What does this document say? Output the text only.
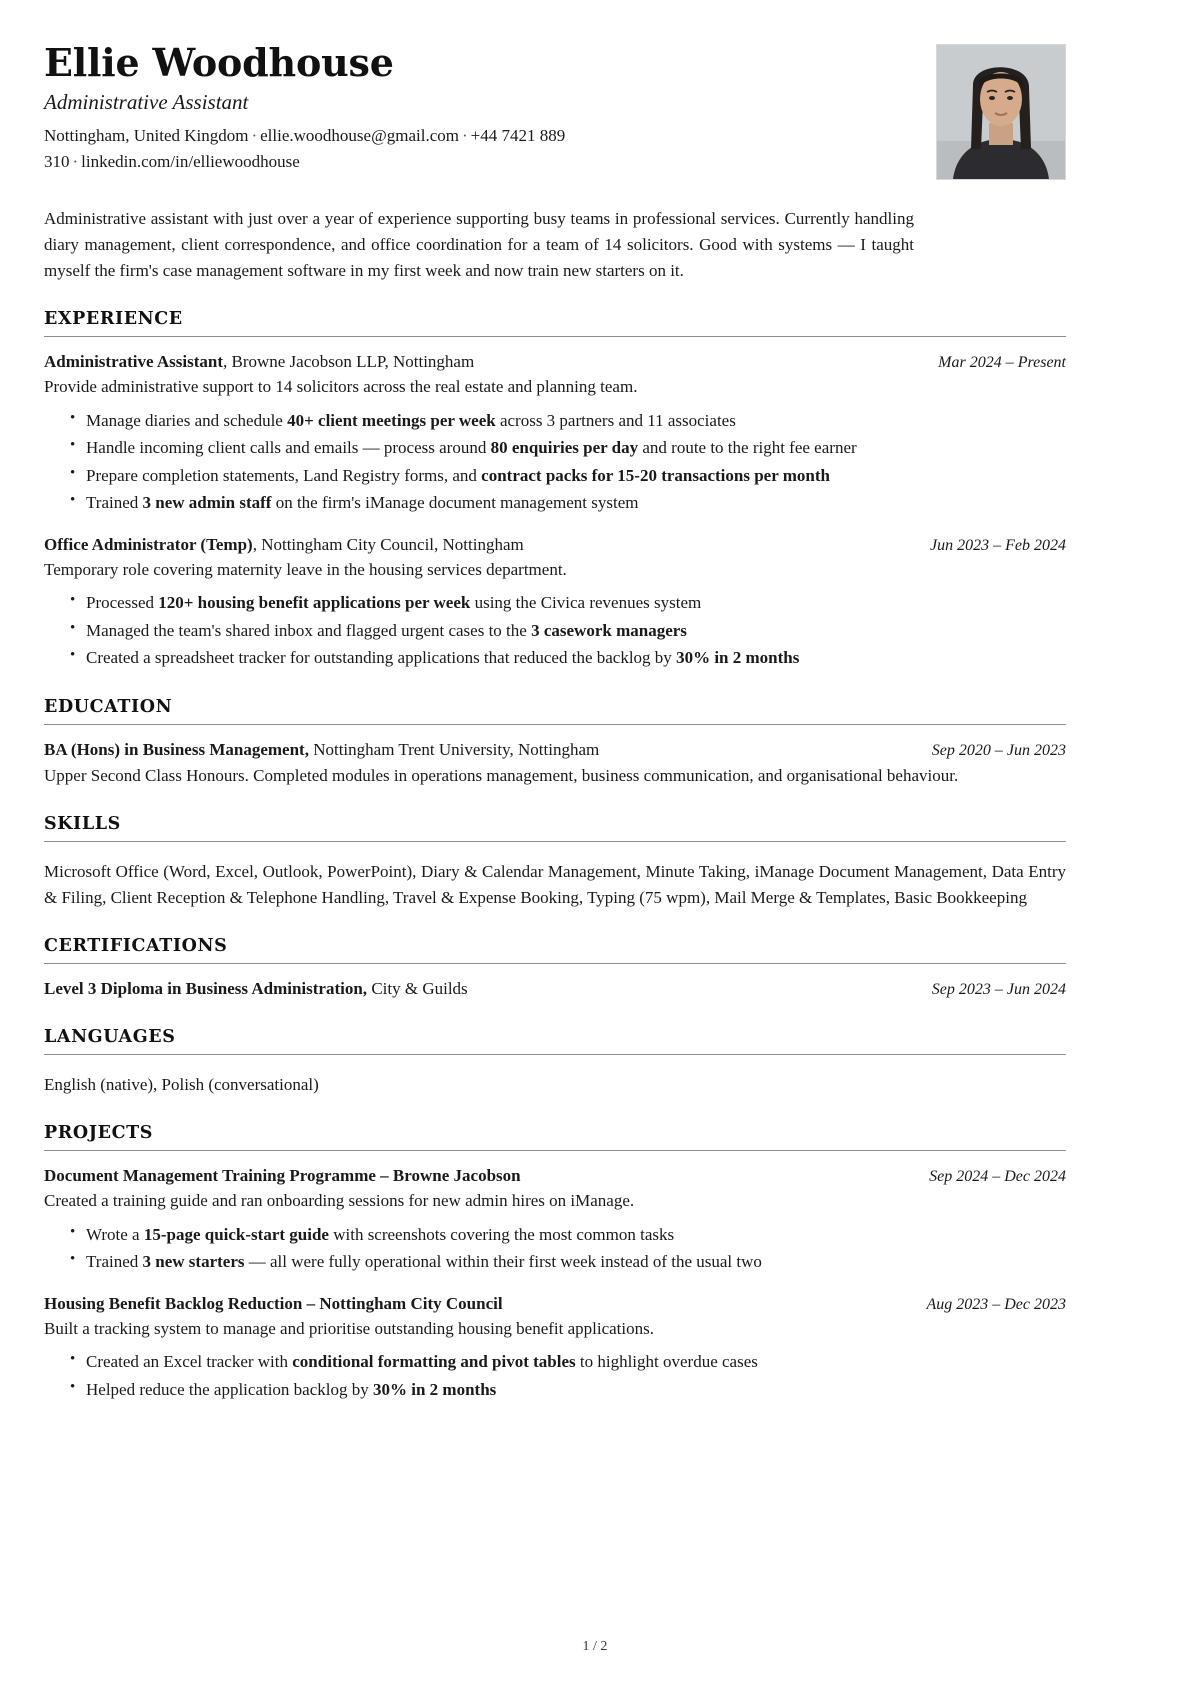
Ellie Woodhouse
Administrative Assistant
Nottingham, United Kingdom · ellie.woodhouse@gmail.com · +44 7421 889 310 · linkedin.com/in/elliewoodhouse

Administrative assistant with just over a year of experience supporting busy teams in professional services. Currently handling diary management, client correspondence, and office coordination for a team of 14 solicitors. Good with systems — I taught myself the firm's case management software in my first week and now train new starters on it.

EXPERIENCE
Administrative Assistant, Browne Jacobson LLP, Nottingham	Mar 2024 – Present

Provide administrative support to 14 solicitors across the real estate and planning team.

• Manage diaries and schedule 40+ client meetings per week across 3 partners and 11 associates
• Handle incoming client calls and emails — process around 80 enquiries per day and route to the right fee earner
• Prepare completion statements, Land Registry forms, and contract packs for 15-20 transactions per month
• Trained 3 new admin staff on the firm's iManage document management system
Office Administrator (Temp), Nottingham City Council, Nottingham	Jun 2023 – Feb 2024

Temporary role covering maternity leave in the housing services department.

• Processed 120+ housing benefit applications per week using the Civica revenues system
• Managed the team's shared inbox and flagged urgent cases to the 3 casework managers
• Created a spreadsheet tracker for outstanding applications that reduced the backlog by 30% in 2 months
EDUCATION
BA (Hons) in Business Management, Nottingham Trent University, Nottingham	Sep 2020 – Jun 2023

Upper Second Class Honours. Completed modules in operations management, business communication, and organisational behaviour.

SKILLS

Microsoft Office (Word, Excel, Outlook, PowerPoint), Diary & Calendar Management, Minute Taking, iManage Document Management, Data Entry & Filing, Client Reception & Telephone Handling, Travel & Expense Booking, Typing (75 wpm), Mail Merge & Templates, Basic Bookkeeping

CERTIFICATIONS
Level 3 Diploma in Business Administration, City & Guilds	Sep 2023 – Jun 2024
LANGUAGES

English (native), Polish (conversational)

PROJECTS
Document Management Training Programme – Browne Jacobson	Sep 2024 – Dec 2024

Created a training guide and ran onboarding sessions for new admin hires on iManage.

• Wrote a 15-page quick-start guide with screenshots covering the most common tasks
• Trained 3 new starters — all were fully operational within their first week instead of the usual two
Housing Benefit Backlog Reduction – Nottingham City Council	Aug 2023 – Dec 2023

Built a tracking system to manage and prioritise outstanding housing benefit applications.

• Created an Excel tracker with conditional formatting and pivot tables to highlight overdue cases
• Helped reduce the application backlog by 30% in 2 months
1 / 2
